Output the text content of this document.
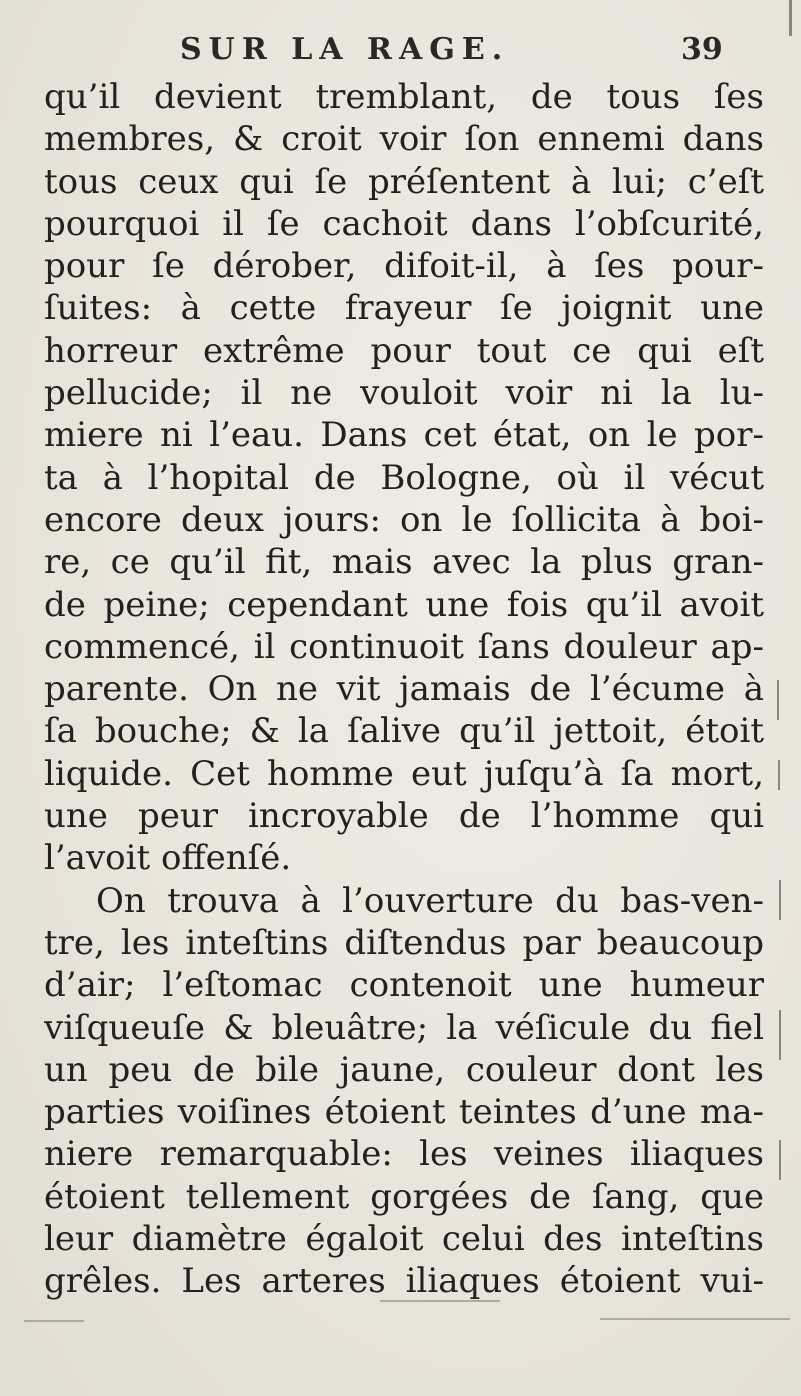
SUR LA RAGE.	39
qu’il devient tremblant, de tous ſes
membres, & croit voir ſon ennemi dans
tous ceux qui ſe préſentent à lui; c’eſt
pourquoi il ſe cachoit dans l’obſcurité,
pour ſe dérober, difoit-il, à ſes pour-
ſuites: à cette frayeur ſe joignit une
horreur extrême pour tout ce qui eſt
pellucide; il ne vouloit voir ni la lu-
miere ni l’eau. Dans cet état, on le por-
ta à l’hopital de Bologne, où il vécut
encore deux jours: on le ſollicita à boi-
re, ce qu’il fit, mais avec la plus gran-
de peine; cependant une fois qu’il avoit
commencé, il continuoit ſans douleur ap-
parente. On ne vit jamais de l’écume à
ſa bouche; & la ſalive qu’il jettoit, étoit
liquide. Cet homme eut juſqu’à ſa mort,
une peur incroyable de l’homme qui
l’avoit offenſé.
On trouva à l’ouverture du bas-ven-
tre, les inteſtins diſtendus par beaucoup
d’air; l’eſtomac contenoit une humeur
viſqueuſe & bleuâtre; la véſicule du fiel
un peu de bile jaune, couleur dont les
parties voiſines étoient teintes d’une ma-
niere remarquable: les veines iliaques
étoient tellement gorgées de ſang, que
leur diamètre égaloit celui des inteſtins
grêles. Les arteres iliaques étoient vui-
